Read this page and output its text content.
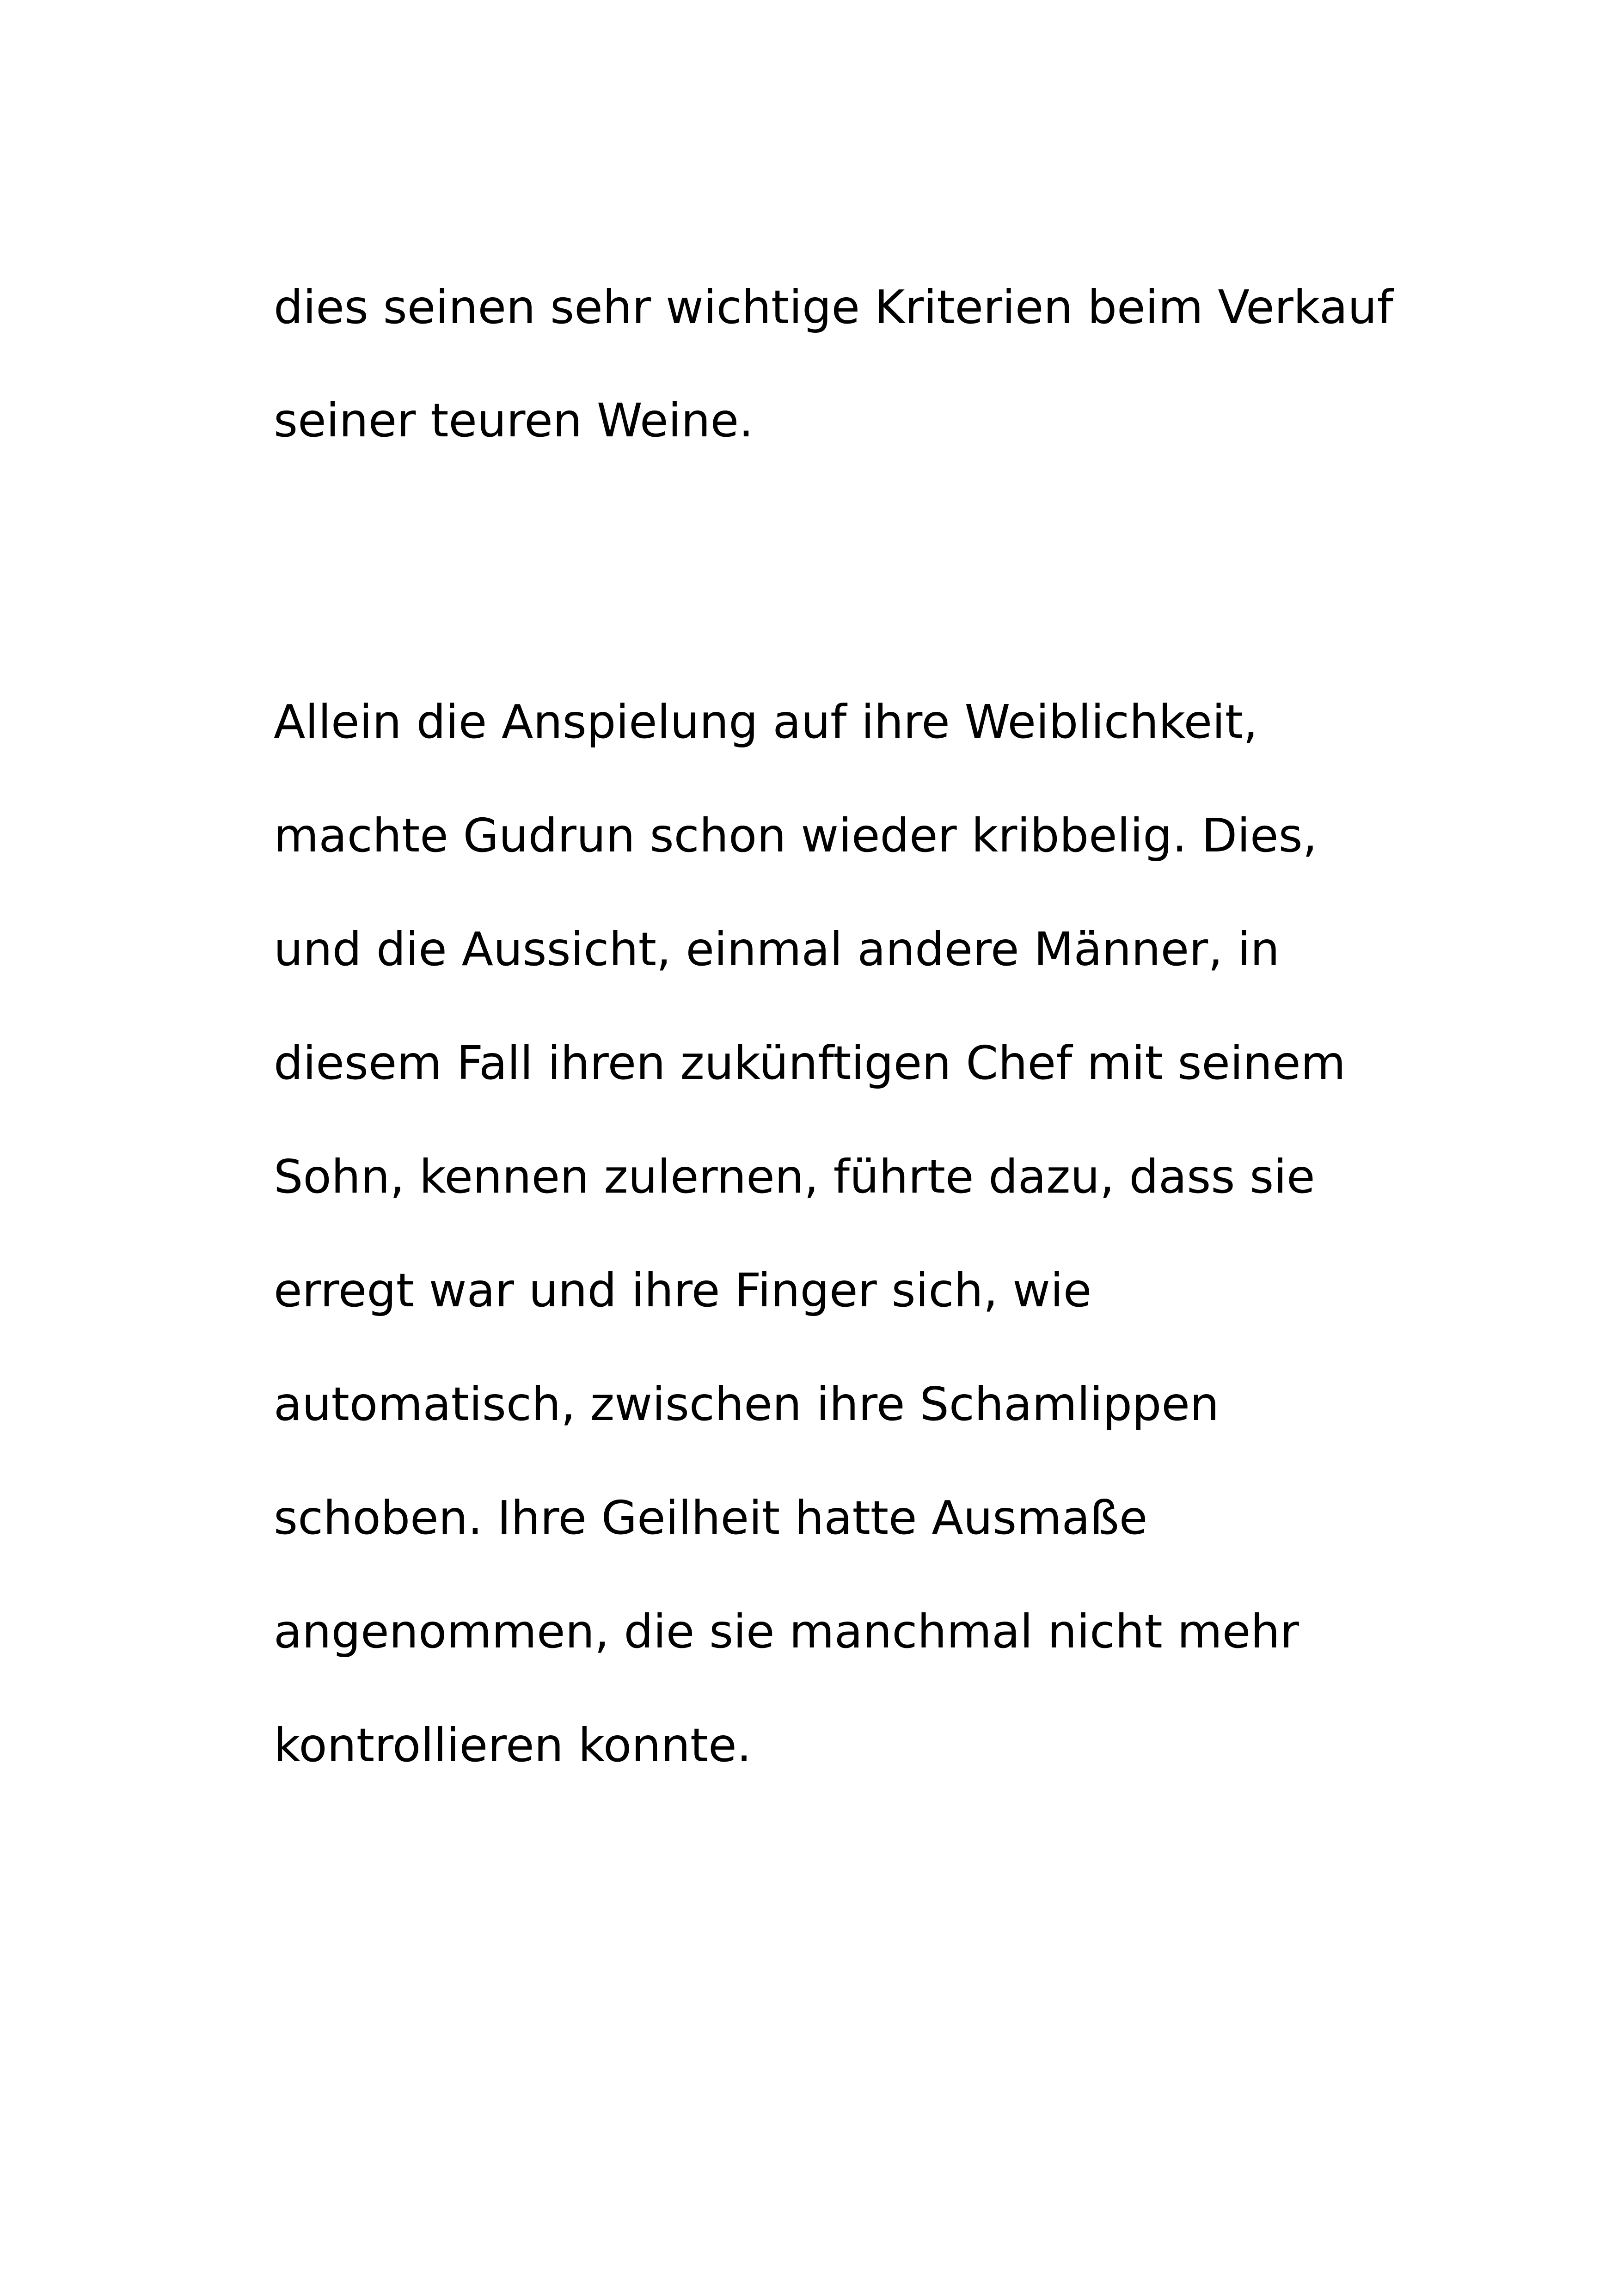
dies seinen sehr wichtige Kriterien beim Verkauf

seiner teuren Weine.

Allein die Anspielung auf ihre Weiblichkeit,

machte Gudrun schon wieder kribbelig. Dies,

und die Aussicht, einmal andere Männer, in

diesem Fall ihren zukünftigen Chef mit seinem

Sohn, kennen zulernen, führte dazu, dass sie

erregt war und ihre Finger sich, wie

automatisch, zwischen ihre Schamlippen

schoben. Ihre Geilheit hatte Ausmaße

angenommen, die sie manchmal nicht mehr

kontrollieren konnte.
